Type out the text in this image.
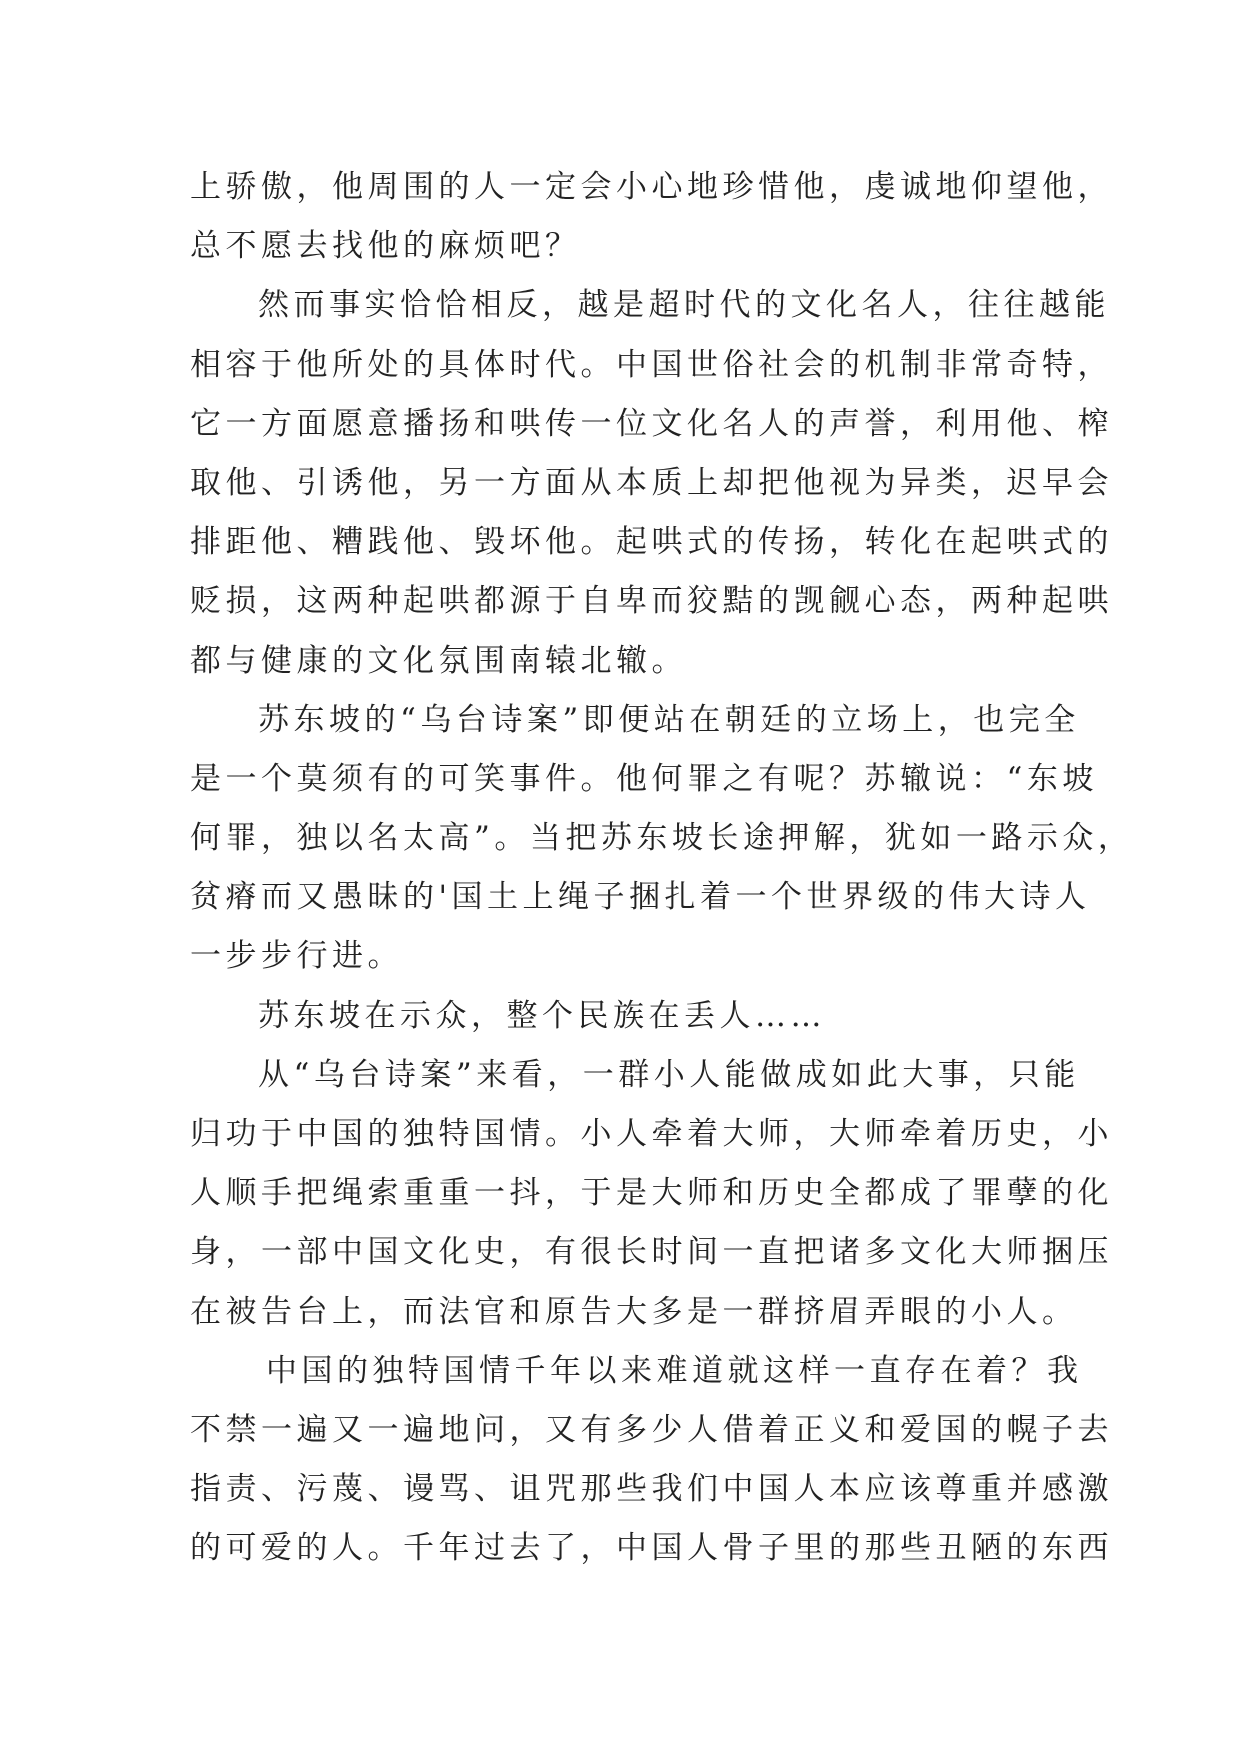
上骄傲，他周围的人一定会小心地珍惜他，虔诚地仰望他，
总不愿去找他的麻烦吧？
然而事实恰恰相反，越是超时代的文化名人，往往越能
相容于他所处的具体时代。中国世俗社会的机制非常奇特，
它一方面愿意播扬和哄传一位文化名人的声誉，利用他、榨
取他、引诱他，另一方面从本质上却把他视为异类，迟早会
排距他、糟践他、毁坏他。起哄式的传扬，转化在起哄式的
贬损，这两种起哄都源于自卑而狡黠的觊觎心态，两种起哄
都与健康的文化氛围南辕北辙。
苏东坡的“乌台诗案”即便站在朝廷的立场上，也完全
是一个莫须有的可笑事件。他何罪之有呢？苏辙说：“东坡
何罪，独以名太高”。当把苏东坡长途押解，犹如一路示众，
贫瘠而又愚昧的'国土上绳子捆扎着一个世界级的伟大诗人
一步步行进。
苏东坡在示众，整个民族在丢人……
从“乌台诗案”来看，一群小人能做成如此大事，只能
归功于中国的独特国情。小人牵着大师，大师牵着历史，小
人顺手把绳索重重一抖，于是大师和历史全都成了罪孽的化
身，一部中国文化史，有很长时间一直把诸多文化大师捆压
在被告台上，而法官和原告大多是一群挤眉弄眼的小人。
中国的独特国情千年以来难道就这样一直存在着？我
不禁一遍又一遍地问，又有多少人借着正义和爱国的幌子去
指责、污蔑、谩骂、诅咒那些我们中国人本应该尊重并感激
的可爱的人。千年过去了，中国人骨子里的那些丑陋的东西
